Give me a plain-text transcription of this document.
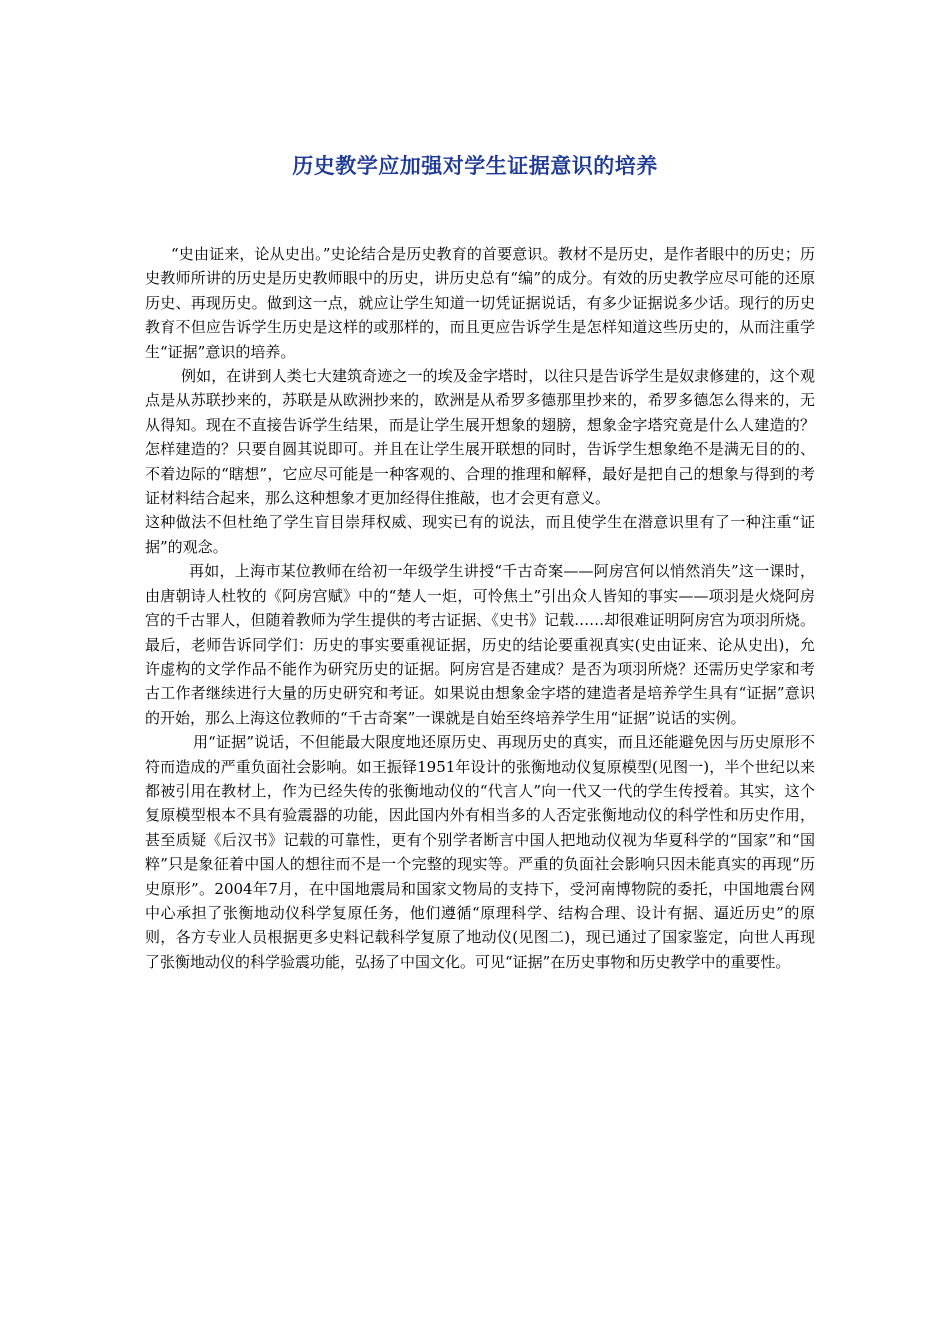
历史教学应加强对学生证据意识的培养

“史由证来，论从史出。”史论结合是历史教育的首要意识。教材不是历史，是作者眼中的历史；历史教师所讲的历史是历史教师眼中的历史，讲历史总有“编”的成分。有效的历史教学应尽可能的还原历史、再现历史。做到这一点，就应让学生知道一切凭证据说话，有多少证据说多少话。现行的历史教育不但应告诉学生历史是这样的或那样的，而且更应告诉学生是怎样知道这些历史的，从而注重学生“证据”意识的培养。

例如，在讲到人类七大建筑奇迹之一的埃及金字塔时，以往只是告诉学生是奴隶修建的，这个观点是从苏联抄来的，苏联是从欧洲抄来的，欧洲是从希罗多德那里抄来的，希罗多德怎么得来的，无从得知。现在不直接告诉学生结果，而是让学生展开想象的翅膀，想象金字塔究竟是什么人建造的？怎样建造的？只要自圆其说即可。并且在让学生展开联想的同时，告诉学生想象绝不是满无目的的、不着边际的“瞎想”，它应尽可能是一种客观的、合理的推理和解释，最好是把自己的想象与得到的考证材料结合起来，那么这种想象才更加经得住推敲，也才会更有意义。

这种做法不但杜绝了学生盲目崇拜权威、现实已有的说法，而且使学生在潜意识里有了一种注重“证据”的观念。

再如，上海市某位教师在给初一年级学生讲授“千古奇案——阿房宫何以悄然消失”这一课时，由唐朝诗人杜牧的《阿房宫赋》中的“楚人一炬，可怜焦土”引出众人皆知的事实——项羽是火烧阿房宫的千古罪人，但随着教师为学生提供的考古证据、《史书》记载……却很难证明阿房宫为项羽所烧。最后，老师告诉同学们：历史的事实要重视证据，历史的结论要重视真实(史由证来、论从史出)，允许虚构的文学作品不能作为研究历史的证据。阿房宫是否建成？是否为项羽所烧？还需历史学家和考古工作者继续进行大量的历史研究和考证。如果说由想象金字塔的建造者是培养学生具有“证据”意识的开始，那么上海这位教师的“千古奇案”一课就是自始至终培养学生用“证据”说话的实例。

用“证据”说话，不但能最大限度地还原历史、再现历史的真实，而且还能避免因与历史原形不符而造成的严重负面社会影响。如王振铎1951年设计的张衡地动仪复原模型(见图一)，半个世纪以来都被引用在教材上，作为已经失传的张衡地动仪的“代言人”向一代又一代的学生传授着。其实，这个复原模型根本不具有验震器的功能，因此国内外有相当多的人否定张衡地动仪的科学性和历史作用，甚至质疑《后汉书》记载的可靠性，更有个别学者断言中国人把地动仪视为华夏科学的“国家”和“国粹”只是象征着中国人的想往而不是一个完整的现实等。严重的负面社会影响只因未能真实的再现“历史原形”。2004年7月，在中国地震局和国家文物局的支持下，受河南博物院的委托，中国地震台网中心承担了张衡地动仪科学复原任务，他们遵循“原理科学、结构合理、设计有据、逼近历史”的原则，各方专业人员根据更多史料记载科学复原了地动仪(见图二)，现已通过了国家鉴定，向世人再现了张衡地动仪的科学验震功能，弘扬了中国文化。可见“证据”在历史事物和历史教学中的重要性。
